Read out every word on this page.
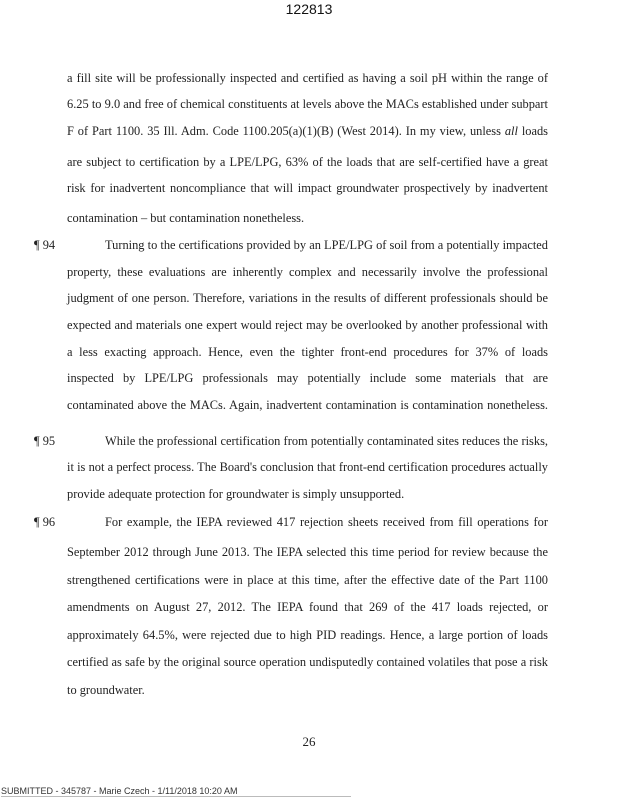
122813
a fill site will be professionally inspected and certified as having a soil pH within the range of
6.25 to 9.0 and free of chemical constituents at levels above the MACs established under subpart
F of Part 1100. 35 Ill. Adm. Code 1100.205(a)(1)(B) (West 2014). In my view, unless all loads
are subject to certification by a LPE/LPG, 63% of the loads that are self-certified have a great
risk for inadvertent noncompliance that will impact groundwater prospectively by inadvertent
contamination – but contamination nonetheless.
¶ 94	Turning to the certifications provided by an LPE/LPG of soil from a potentially impacted
property, these evaluations are inherently complex and necessarily involve the professional
judgment of one person. Therefore, variations in the results of different professionals should be
expected and materials one expert would reject may be overlooked by another professional with
a less exacting approach. Hence, even the tighter front-end procedures for 37% of loads
inspected by LPE/LPG professionals may potentially include some materials that are
contaminated above the MACs. Again, inadvertent contamination is contamination nonetheless.
¶ 95	While the professional certification from potentially contaminated sites reduces the risks,
it is not a perfect process. The Board's conclusion that front-end certification procedures actually
provide adequate protection for groundwater is simply unsupported.
¶ 96	For example, the IEPA reviewed 417 rejection sheets received from fill operations for
September 2012 through June 2013. The IEPA selected this time period for review because the
strengthened certifications were in place at this time, after the effective date of the Part 1100
amendments on August 27, 2012. The IEPA found that 269 of the 417 loads rejected, or
approximately 64.5%, were rejected due to high PID readings. Hence, a large portion of loads
certified as safe by the original source operation undisputedly contained volatiles that pose a risk
to groundwater.
26
SUBMITTED - 345787 - Marie Czech - 1/11/2018 10:20 AM
